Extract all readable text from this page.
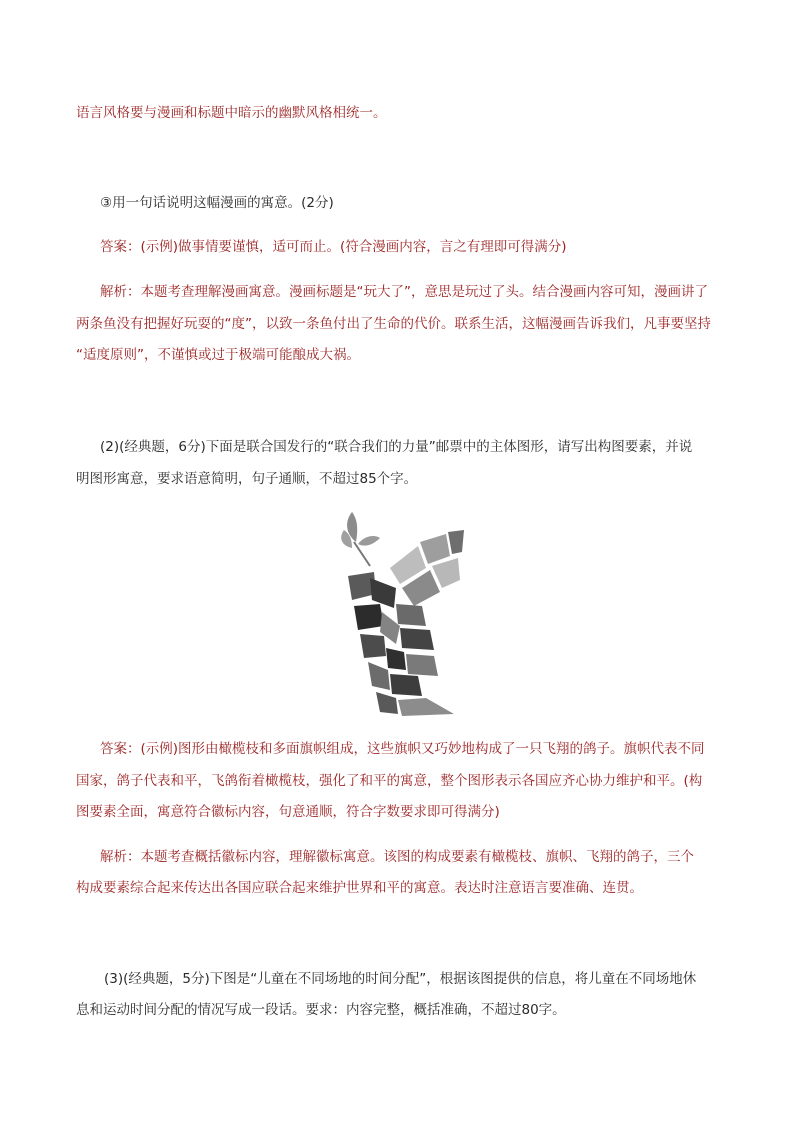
语言风格要与漫画和标题中暗示的幽默风格相统一。
③用一句话说明这幅漫画的寓意。(2分)
答案：(示例)做事情要谨慎，适可而止。(符合漫画内容，言之有理即可得满分)
解析：本题考查理解漫画寓意。漫画标题是“玩大了”，意思是玩过了头。结合漫画内容可知，漫画讲了
两条鱼没有把握好玩耍的“度”，以致一条鱼付出了生命的代价。联系生活，这幅漫画告诉我们，凡事要坚持
“适度原则”，不谨慎或过于极端可能酿成大祸。
(2)(经典题，6分)下面是联合国发行的“联合我们的力量”邮票中的主体图形，请写出构图要素，并说
明图形寓意，要求语意简明，句子通顺，不超过85个字。
答案：(示例)图形由橄榄枝和多面旗帜组成，这些旗帜又巧妙地构成了一只飞翔的鸽子。旗帜代表不同
国家，鸽子代表和平，飞鸽衔着橄榄枝，强化了和平的寓意，整个图形表示各国应齐心协力维护和平。(构
图要素全面，寓意符合徽标内容，句意通顺，符合字数要求即可得满分)
解析：本题考查概括徽标内容，理解徽标寓意。该图的构成要素有橄榄枝、旗帜、飞翔的鸽子，三个
构成要素综合起来传达出各国应联合起来维护世界和平的寓意。表达时注意语言要准确、连贯。
(3)(经典题，5分)下图是“儿童在不同场地的时间分配”，根据该图提供的信息，将儿童在不同场地休
息和运动时间分配的情况写成一段话。要求：内容完整，概括准确，不超过80字。
